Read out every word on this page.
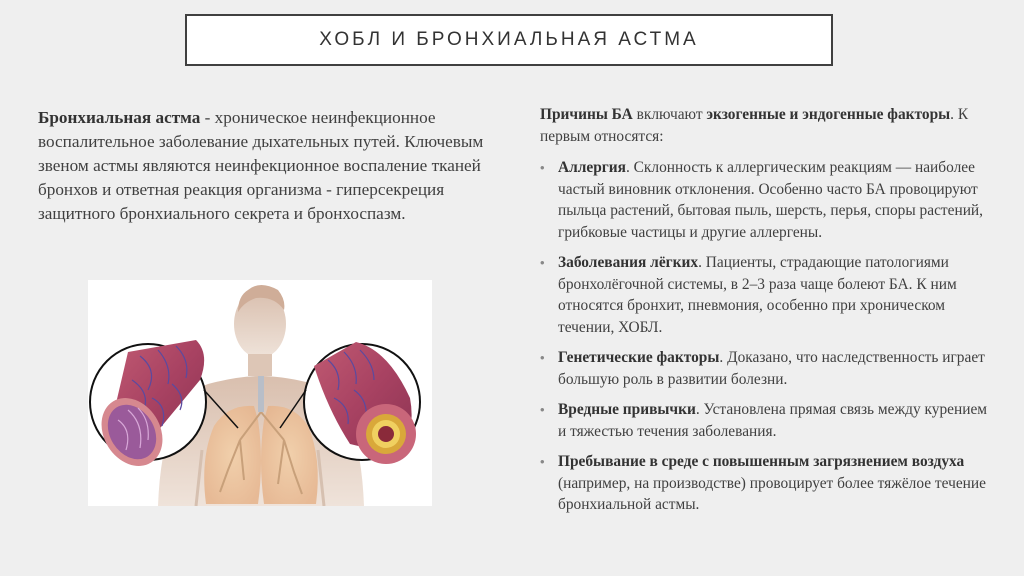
ХОБЛ И БРОНХИАЛЬНАЯ АСТМА
Бронхиальная астма - хроническое неинфекционное воспалительное заболевание дыхательных путей. Ключевым звеном астмы являются неинфекционное воспаление тканей бронхов и ответная реакция организма - гиперсекреция защитного бронхиального секрета и бронхоспазм.

Причины БА включают экзогенные и эндогенные факторы. К первым относятся:

• Аллергия. Склонность к аллергическим реакциям — наиболее частый виновник отклонения. Особенно часто БА провоцируют пыльца растений, бытовая пыль, шерсть, перья, споры растений, грибковые частицы и другие аллергены.
• Заболевания лёгких. Пациенты, страдающие патологиями бронхолёгочной системы, в 2–3 раза чаще болеют БА. К ним относятся бронхит, пневмония, особенно при хроническом течении, ХОБЛ.
• Генетические факторы. Доказано, что наследственность играет большую роль в развитии болезни.
• Вредные привычки. Установлена прямая связь между курением и тяжестью течения заболевания.
• Пребывание в среде с повышенным загрязнением воздуха (например, на производстве) провоцирует более тяжёлое течение бронхиальной астмы.
